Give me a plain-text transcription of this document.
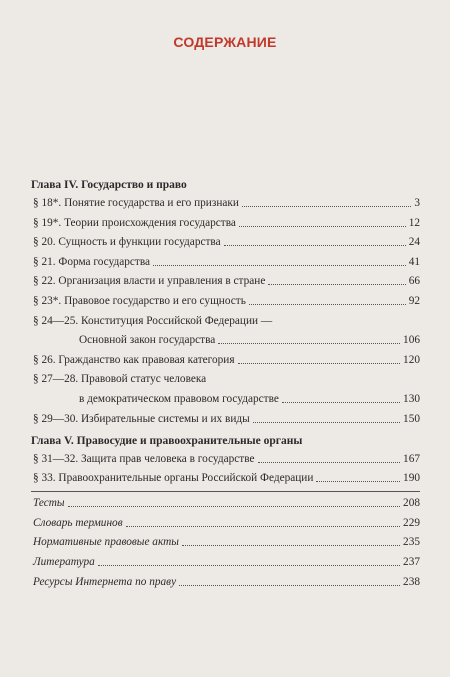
СОДЕРЖАНИЕ
Глава IV. Государство и право
§ 18*. Понятие государства и его признаки	3
§ 19*. Теории происхождения государства	12
§ 20. Сущность и функции государства	24
§ 21. Форма государства	41
§ 22. Организация власти и управления в стране	66
§ 23*. Правовое государство и его сущность	92
§ 24—25. Конституция Российской Федерации —
Основной закон государства	106
§ 26. Гражданство как правовая категория	120
§ 27—28. Правовой статус человека
в демократическом правовом государстве	130
§ 29—30. Избирательные системы и их виды	150
Глава V. Правосудие и правоохранительные органы
§ 31—32. Защита прав человека в государстве	167
§ 33. Правоохранительные органы Российской Федерации	190
Тесты	208
Словарь терминов	229
Нормативные правовые акты	235
Литература	237
Ресурсы Интернета по праву	238
